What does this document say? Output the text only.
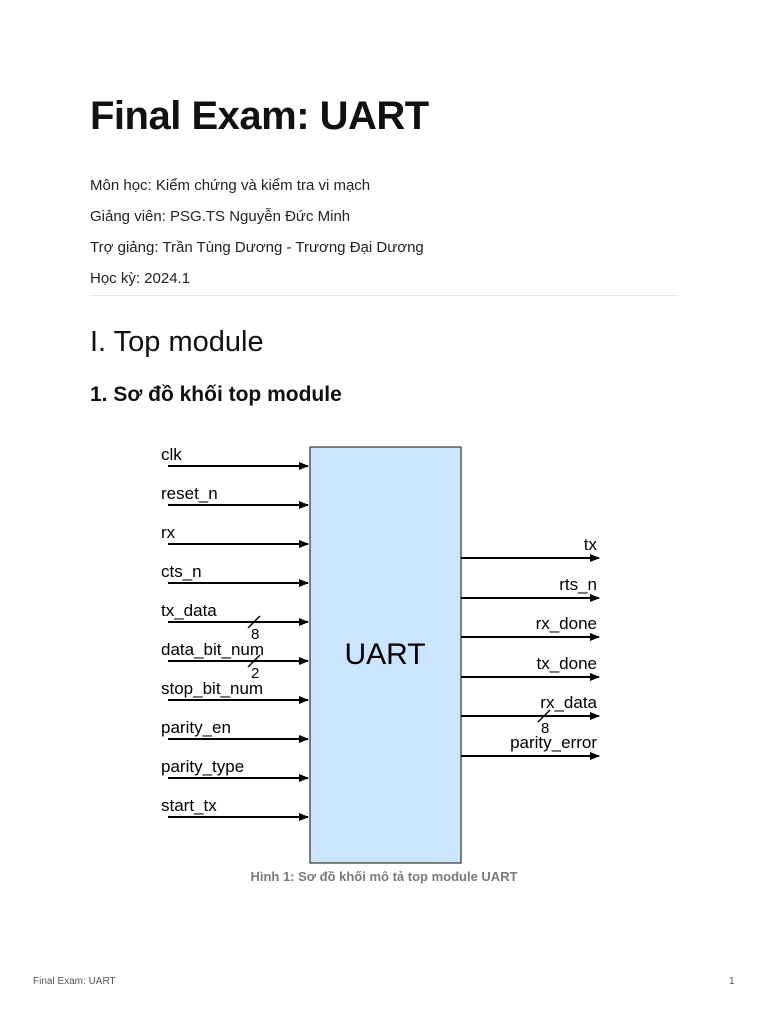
Final Exam: UART
Môn học: Kiểm chứng và kiểm tra vi mạch
Giảng viên: PSG.TS Nguyễn Đức Minh
Trợ giảng: Trần Tùng Dương - Trương Đại Dương
Học kỳ: 2024.1
I. Top module
1. Sơ đồ khối top module
UART
clk
reset_n
rx
cts_n
tx_data
8
data_bit_num
2
stop_bit_num
parity_en
parity_type
start_tx
tx
rts_n
rx_done
tx_done
rx_data
8
parity_error
Hình 1: Sơ đồ khối mô tả top module UART
Final Exam: UART	1
